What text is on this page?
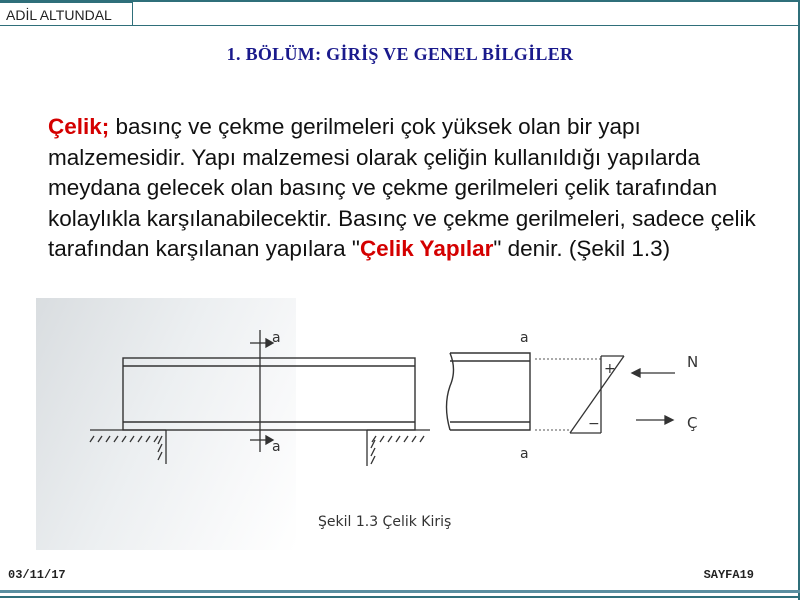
ADİL ALTUNDAL
1. BÖLÜM: GİRİŞ VE GENEL BİLGİLER
Çelik; basınç ve çekme gerilmeleri çok yüksek olan bir yapı malzemesidir. Yapı malzemesi olarak çeliğin kullanıldığı yapılarda meydana gelecek olan basınç ve çekme gerilmeleri çelik tarafından kolaylıkla karşılanabilecektir. Basınç ve çekme gerilmeleri, sadece çelik tarafından karşılanan yapılara "Çelik Yapılar" denir. (Şekil 1.3)
a
a
a
a
+
−
N
Ç
Şekil 1.3 Çelik Kiriş
03/11/17	SAYFA19
